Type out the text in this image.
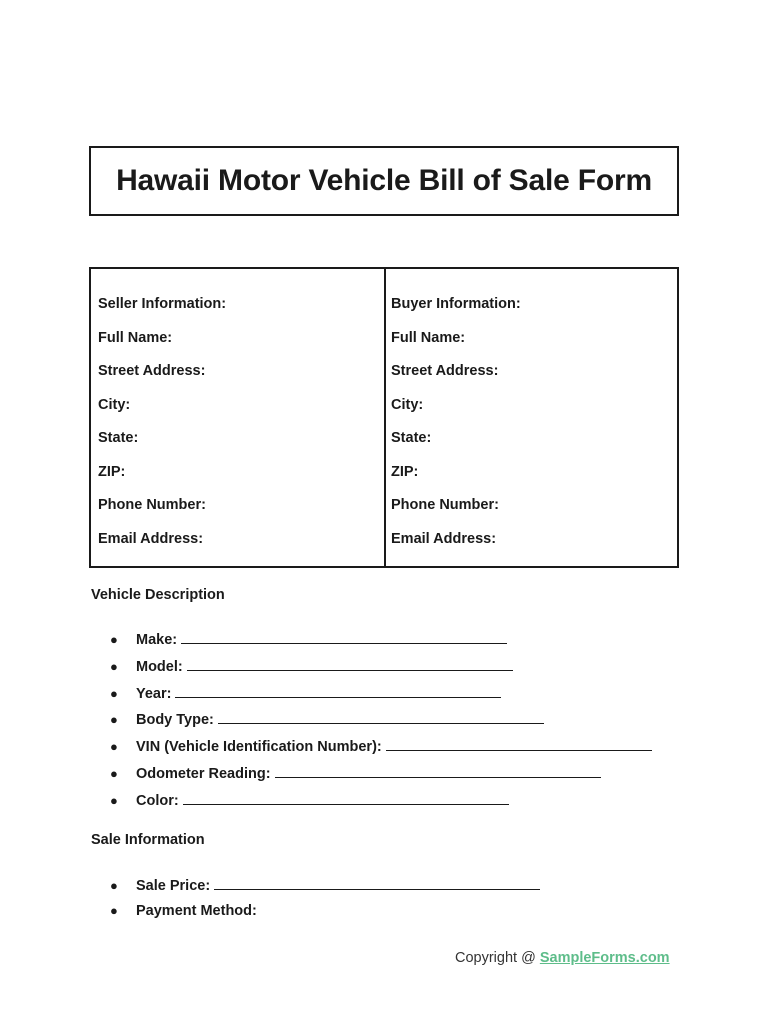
Hawaii Motor Vehicle Bill of Sale Form
Seller Information:
Full Name:
Street Address:
City:
State:
ZIP:
Phone Number:
Email Address:
Buyer Information:
Full Name:
Street Address:
City:
State:
ZIP:
Phone Number:
Email Address:
Vehicle Description
● Make:
● Model:
● Year:
● Body Type:
● VIN (Vehicle Identification Number):
● Odometer Reading:
● Color:
Sale Information
● Sale Price:
● Payment Method:
Copyright @ SampleForms.com
